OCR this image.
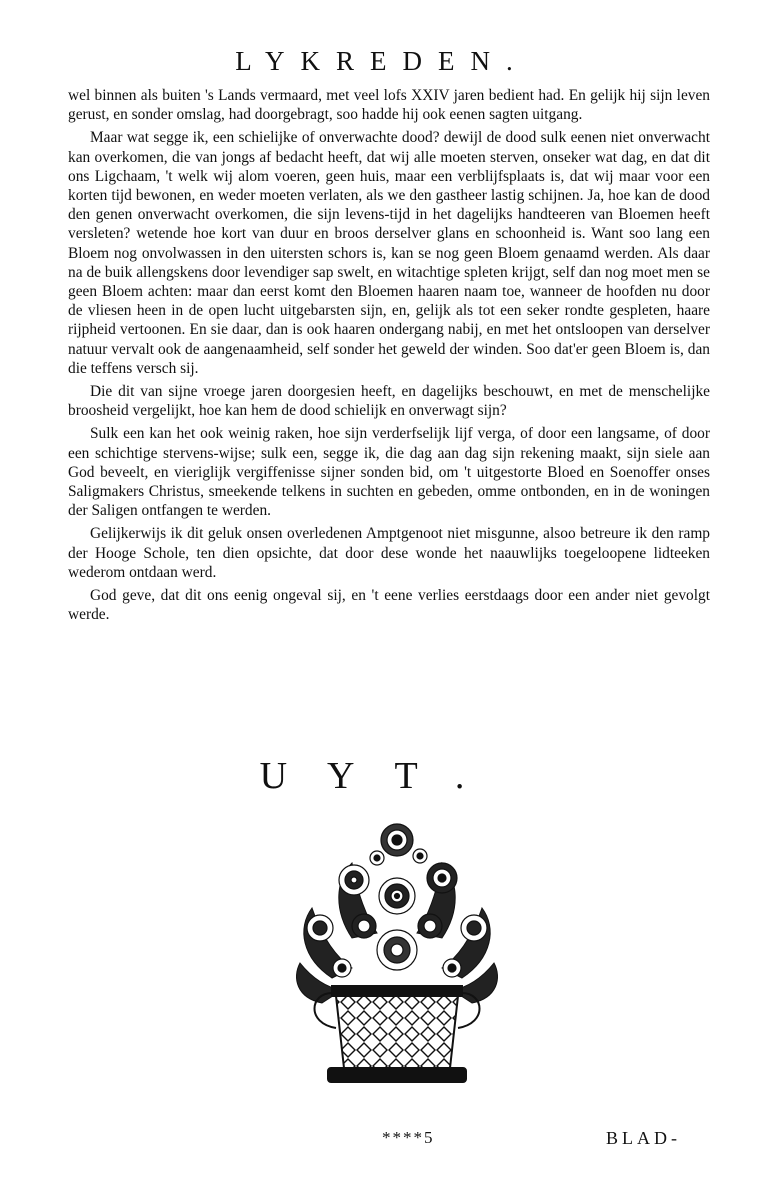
LYKREDEN.

wel binnen als buiten 's Lands vermaard, met veel lofs XXIV jaren bedient had. En gelijk hij sijn leven gerust, en sonder omslag, had doorgebragt, soo hadde hij ook eenen sagten uitgang.

Maar wat segge ik, een schielijke of onverwachte dood? dewijl de dood sulk eenen niet onverwacht kan overkomen, die van jongs af bedacht heeft, dat wij alle moeten sterven, onseker wat dag, en dat dit ons Ligchaam, 't welk wij alom voeren, geen huis, maar een verblijfsplaats is, dat wij maar voor een korten tijd bewonen, en weder moeten verlaten, als we den gastheer lastig schijnen. Ja, hoe kan de dood den genen onverwacht overkomen, die sijn levens-tijd in het dagelijks handteeren van Bloemen heeft versleten? wetende hoe kort van duur en broos derselver glans en schoonheid is. Want soo lang een Bloem nog onvolwassen in den uitersten schors is, kan se nog geen Bloem genaamd werden. Als daar na de buik allengskens door levendiger sap swelt, en witachtige spleten krijgt, self dan nog moet men se geen Bloem achten: maar dan eerst komt den Bloemen haaren naam toe, wanneer de hoofden nu door de vliesen heen in de open lucht uitgebarsten sijn, en, gelijk als tot een seker rondte gespleten, haare rijpheid vertoonen. En sie daar, dan is ook haaren ondergang nabij, en met het ontsloopen van derselver natuur vervalt ook de aangenaamheid, self sonder het geweld der winden. Soo dat'er geen Bloem is, dan die teffens versch sij.

Die dit van sijne vroege jaren doorgesien heeft, en dagelijks beschouwt, en met de menschelijke broosheid vergelijkt, hoe kan hem de dood schielijk en onverwagt sijn?

Sulk een kan het ook weinig raken, hoe sijn verderfselijk lijf verga, of door een langsame, of door een schichtige stervens-wijse; sulk een, segge ik, die dag aan dag sijn rekening maakt, sijn siele aan God beveelt, en vieriglijk vergiffenisse sijner sonden bid, om 't uitgestorte Bloed en Soenoffer onses Saligmakers Christus, smeekende telkens in suchten en gebeden, omme ontbonden, en in de woningen der Saligen ontfangen te werden.

Gelijkerwijs ik dit geluk onsen overledenen Amptgenoot niet misgunne, alsoo betreure ik den ramp der Hooge Schole, ten dien opsichte, dat door dese wonde het naauwlijks toegeloopene lidteeken wederom ontdaan werd.

God geve, dat dit ons eenig ongeval sij, en 't eene verlies eerstdaags door een ander niet gevolgt werde.

UYT.
****5	BLAD-
